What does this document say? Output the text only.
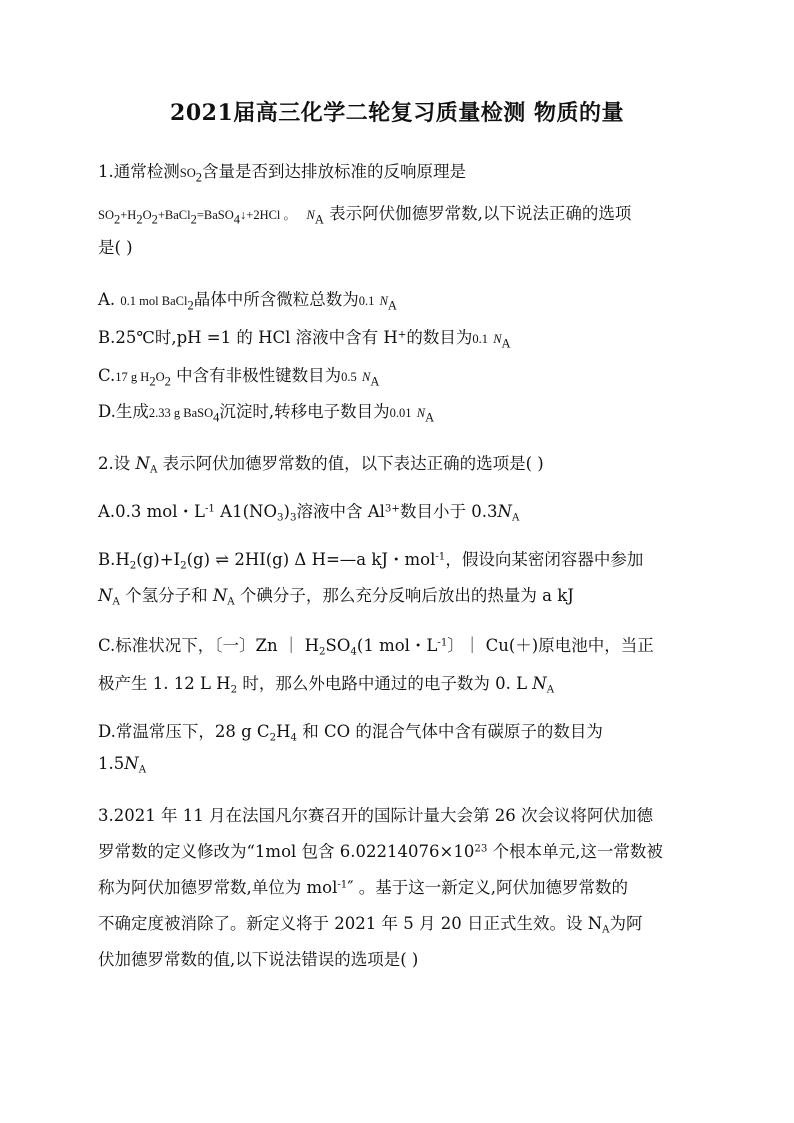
2021届高三化学二轮复习质量检测 物质的量
1.通常检测$SO_2$含量是否到达排放标准的反响原理是
$SO_2+H_2O_2+BaCl_2=BaSO_4↓+2HCl$ 。 $N_A$ 表示阿伏伽德罗常数,以下说法正确的选项
是( )
A. 0.1 mol BaCl$_2$晶体中所含微粒总数为0.1 $N_A$
B.25℃时,pH =1 的 HCl 溶液中含有 H+的数目为0.1 $N_A$
C.17 g $H_2O_2$ 中含有非极性键数目为0.5 $N_A$
D.生成2.33 g BaSO$_4$沉淀时,转移电子数目为0.01 $N_A$
2.设 $N_A$ 表示阿伏加德罗常数的值，以下表达正确的选项是( )
A.0.3 mol・$L^{-1}$ $A1(NO_3)_3$溶液中含 $Al^{3+}$数目小于 $0.3N_A$
$B.H_2(g)+I_2(g)$ ⇌ 2HI(g) Δ H=—a kJ・mol$^{-1}$，假设向某密闭容器中参加
$N_A$ 个氢分子和 $N_A$ 个碘分子，那么充分反响后放出的热量为 a kJ
C.标准状况下，〔一〕Zn ｜ $H_2SO_4(1$ mol・$L^{-1}$〕｜ Cu(＋)原电池中，当正
极产生 1. 12 L $H_2$ 时，那么外电路中通过的电子数为 0. L $N_A$
D.常温常压下，28 g $C_2H_4$ 和 CO 的混合气体中含有碳原子的数目为
$1.5N_A$
3.2021 年 11 月在法国凡尔赛召开的国际计量大会第 26 次会议将阿伏加德
罗常数的定义修改为“1mol 包含 $6.02214076\times 10^{23}$ 个根本单元,这一常数被
称为阿伏加德罗常数,单位为 mol$^{-1}$″ 。基于这一新定义,阿伏加德罗常数的
不确定度被消除了。新定义将于 2021 年 5 月 20 日正式生效。设 $N_A$为阿
伏加德罗常数的值,以下说法错误的选项是( )
